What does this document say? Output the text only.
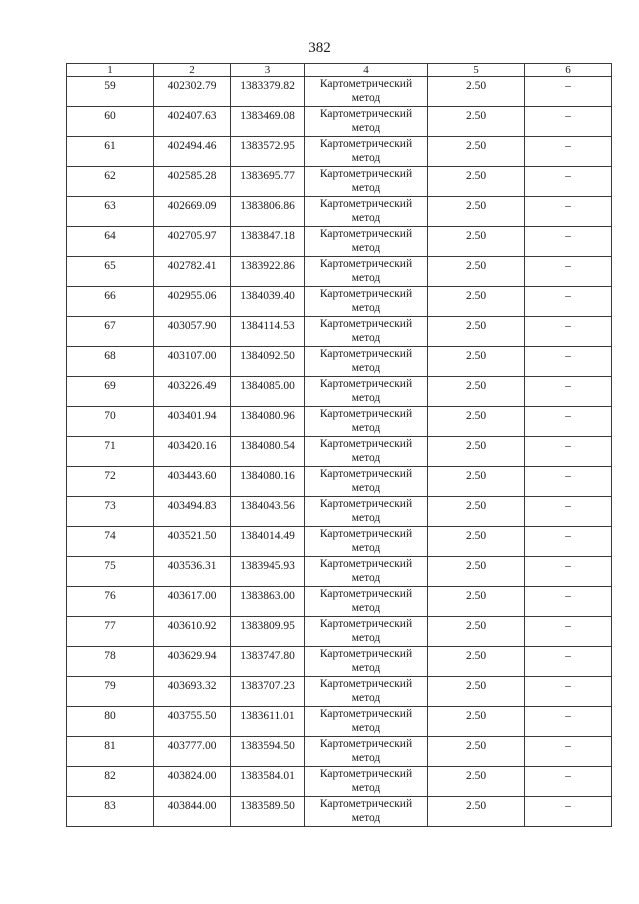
382
1	2	3	4	5	6
59	402302.79	1383379.82	Картометрический метод	2.50	–
60	402407.63	1383469.08	Картометрический метод	2.50	–
61	402494.46	1383572.95	Картометрический метод	2.50	–
62	402585.28	1383695.77	Картометрический метод	2.50	–
63	402669.09	1383806.86	Картометрический метод	2.50	–
64	402705.97	1383847.18	Картометрический метод	2.50	–
65	402782.41	1383922.86	Картометрический метод	2.50	–
66	402955.06	1384039.40	Картометрический метод	2.50	–
67	403057.90	1384114.53	Картометрический метод	2.50	–
68	403107.00	1384092.50	Картометрический метод	2.50	–
69	403226.49	1384085.00	Картометрический метод	2.50	–
70	403401.94	1384080.96	Картометрический метод	2.50	–
71	403420.16	1384080.54	Картометрический метод	2.50	–
72	403443.60	1384080.16	Картометрический метод	2.50	–
73	403494.83	1384043.56	Картометрический метод	2.50	–
74	403521.50	1384014.49	Картометрический метод	2.50	–
75	403536.31	1383945.93	Картометрический метод	2.50	–
76	403617.00	1383863.00	Картометрический метод	2.50	–
77	403610.92	1383809.95	Картометрический метод	2.50	–
78	403629.94	1383747.80	Картометрический метод	2.50	–
79	403693.32	1383707.23	Картометрический метод	2.50	–
80	403755.50	1383611.01	Картометрический метод	2.50	–
81	403777.00	1383594.50	Картометрический метод	2.50	–
82	403824.00	1383584.01	Картометрический метод	2.50	–
83	403844.00	1383589.50	Картометрический метод	2.50	–
